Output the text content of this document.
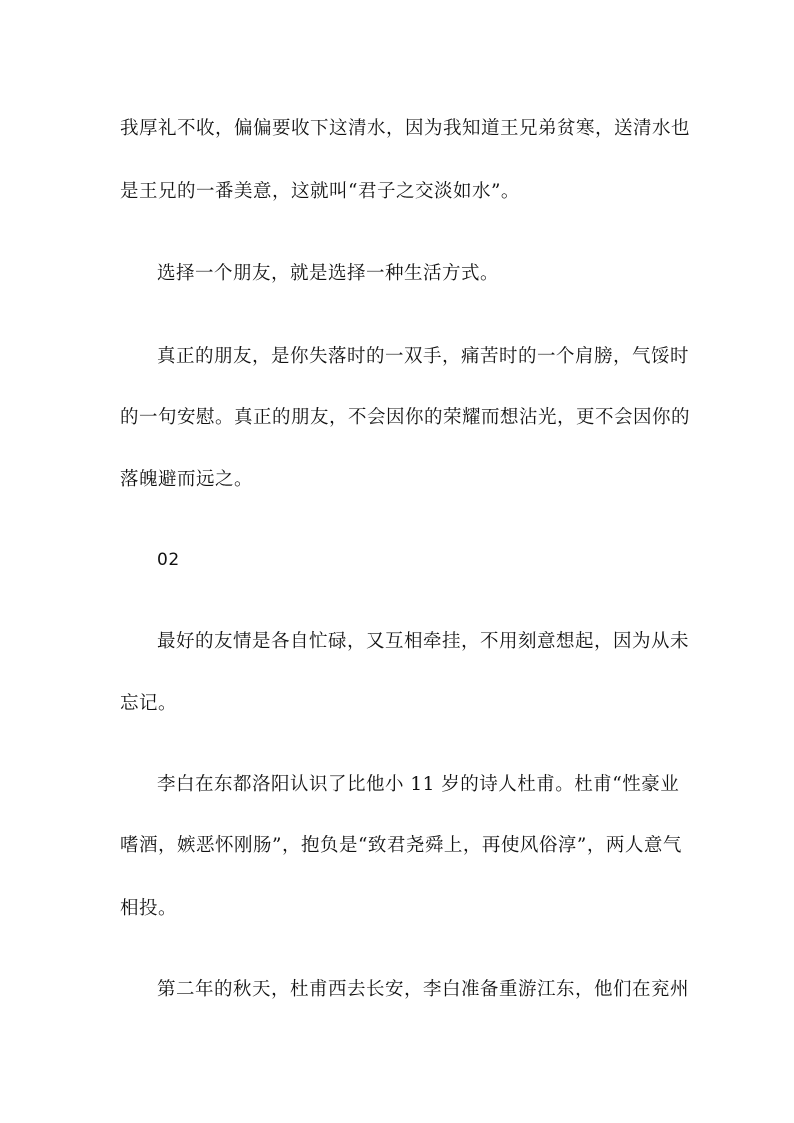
我厚礼不收，偏偏要收下这清水，因为我知道王兄弟贫寒，送清水也
是王兄的一番美意，这就叫“君子之交淡如水”。
选择一个朋友，就是选择一种生活方式。
真正的朋友，是你失落时的一双手，痛苦时的一个肩膀，气馁时
的一句安慰。真正的朋友，不会因你的荣耀而想沾光，更不会因你的
落魄避而远之。
02
最好的友情是各自忙碌，又互相牵挂，不用刻意想起，因为从未
忘记。
李白在东都洛阳认识了比他小 11 岁的诗人杜甫。杜甫“性豪业
嗜酒，嫉恶怀刚肠”，抱负是“致君尧舜上，再使风俗淳”，两人意气
相投。
第二年的秋天，杜甫西去长安，李白准备重游江东，他们在兖州
